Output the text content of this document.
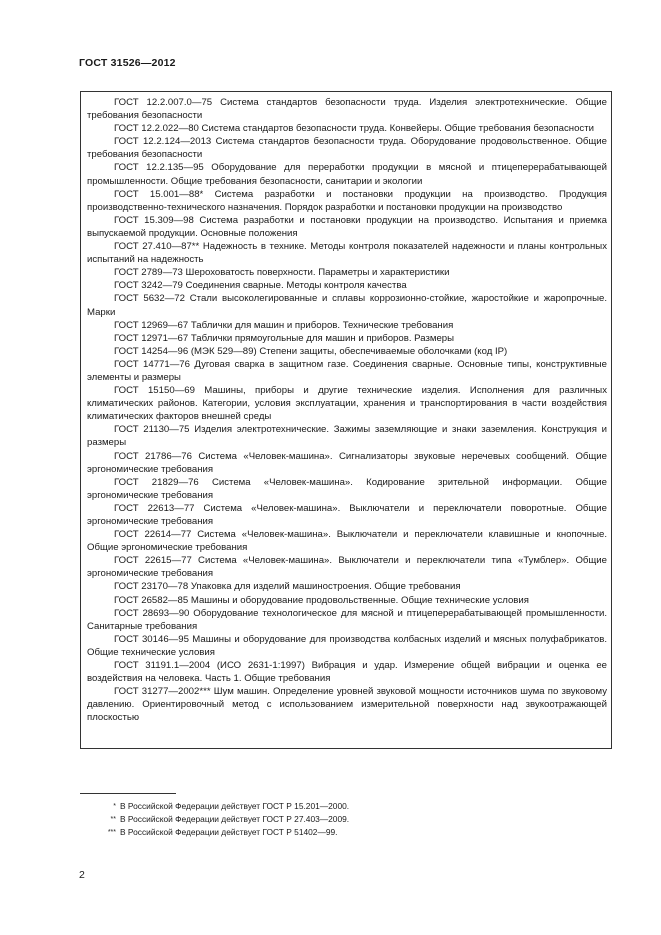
ГОСТ 31526—2012
ГОСТ 12.2.007.0—75 Система стандартов безопасности труда. Изделия электротехнические. Общие требования безопасности
ГОСТ 12.2.022—80 Система стандартов безопасности труда. Конвейеры. Общие требования безопасности
ГОСТ 12.2.124—2013 Система стандартов безопасности труда. Оборудование продовольственное. Общие требования безопасности
ГОСТ 12.2.135—95 Оборудование для переработки продукции в мясной и птицеперерабатывающей промышленности. Общие требования безопасности, санитарии и экологии
ГОСТ 15.001—88* Система разработки и постановки продукции на производство. Продукция производственно-технического назначения. Порядок разработки и постановки продукции на производство
ГОСТ 15.309—98 Система разработки и постановки продукции на производство. Испытания и приемка выпускаемой продукции. Основные положения
ГОСТ 27.410—87** Надежность в технике. Методы контроля показателей надежности и планы контрольных испытаний на надежность
ГОСТ 2789—73 Шероховатость поверхности. Параметры и характеристики
ГОСТ 3242—79 Соединения сварные. Методы контроля качества
ГОСТ 5632—72 Стали высоколегированные и сплавы коррозионно-стойкие, жаростойкие и жаропрочные. Марки
ГОСТ 12969—67 Таблички для машин и приборов. Технические требования
ГОСТ 12971—67 Таблички прямоугольные для машин и приборов. Размеры
ГОСТ 14254—96 (МЭК 529—89) Степени защиты, обеспечиваемые оболочками (код IP)
ГОСТ 14771—76 Дуговая сварка в защитном газе. Соединения сварные. Основные типы, конструктивные элементы и размеры
ГОСТ 15150—69 Машины, приборы и другие технические изделия. Исполнения для различных климатических районов. Категории, условия эксплуатации, хранения и транспортирования в части воздействия климатических факторов внешней среды
ГОСТ 21130—75 Изделия электротехнические. Зажимы заземляющие и знаки заземления. Конструкция и размеры
ГОСТ 21786—76 Система «Человек-машина». Сигнализаторы звуковые неречевых сообщений. Общие эргономические требования
ГОСТ 21829—76 Система «Человек-машина». Кодирование зрительной информации. Общие эргономические требования
ГОСТ 22613—77 Система «Человек-машина». Выключатели и переключатели поворотные. Общие эргономические требования
ГОСТ 22614—77 Система «Человек-машина». Выключатели и переключатели клавишные и кнопочные. Общие эргономические требования
ГОСТ 22615—77 Система «Человек-машина». Выключатели и переключатели типа «Тумблер». Общие эргономические требования
ГОСТ 23170—78 Упаковка для изделий машиностроения. Общие требования
ГОСТ 26582—85 Машины и оборудование продовольственные. Общие технические условия
ГОСТ 28693—90 Оборудование технологическое для мясной и птицеперерабатывающей промышленности. Санитарные требования
ГОСТ 30146—95 Машины и оборудование для производства колбасных изделий и мясных полуфабрикатов. Общие технические условия
ГОСТ 31191.1—2004 (ИСО 2631-1:1997) Вибрация и удар. Измерение общей вибрации и оценка ее воздействия на человека. Часть 1. Общие требования
ГОСТ 31277—2002*** Шум машин. Определение уровней звуковой мощности источников шума по звуковому давлению. Ориентировочный метод с использованием измерительной поверхности над звукоотражающей плоскостью
* В Российской Федерации действует ГОСТ Р 15.201—2000.
** В Российской Федерации действует ГОСТ Р 27.403—2009.
*** В Российской Федерации действует ГОСТ Р 51402—99.
2
